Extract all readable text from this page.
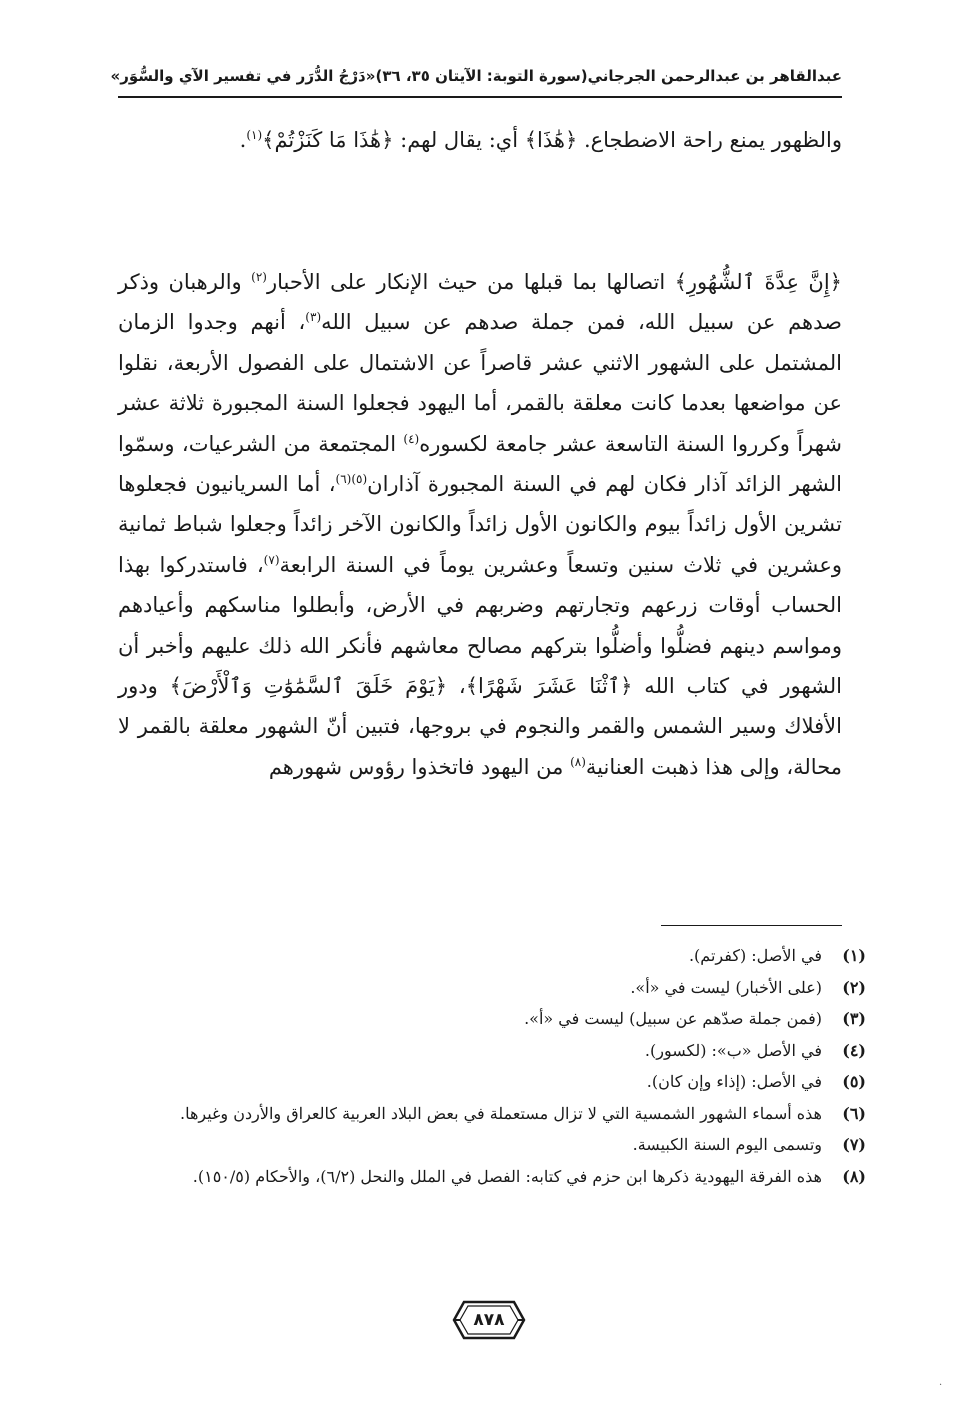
عبدالقاهر بن عبدالرحمن الجرجاني
(سورة التوبة: الآيتان ٣٥، ٣٦)
«دَرْجُ الدُّرَر في تفسير الآي والسُّوَر»

والظهور يمنع راحة الاضطجاع. ﴿هَٰذَا﴾ أي: يقال لهم: ﴿هَٰذَا مَا كَنَزْتُمْ﴾$^{(١)}$.

﴿إِنَّ عِدَّةَ ٱلشُّهُورِ﴾ اتصالها بما قبلها من حيث الإنكار على الأحبار$^{(٢)}$ والرهبان وذكر صدهم عن سبيل الله، فمن جملة صدهم عن سبيل الله$^{(٣)}$، أنهم وجدوا الزمان المشتمل على الشهور الاثني عشر قاصراً عن الاشتمال على الفصول الأربعة، نقلوا عن مواضعها بعدما كانت معلقة بالقمر، أما اليهود فجعلوا السنة المجبورة ثلاثة عشر شهراً وكرروا السنة التاسعة عشر جامعة لكسوره$^{(٤)}$ المجتمعة من الشرعيات، وسمّوا الشهر الزائد آذار فكان لهم في السنة المجبورة آذاران$^{(٥)(٦)}$، أما السريانيون فجعلوها تشرين الأول زائداً بيوم والكانون الأول زائداً والكانون الآخر زائداً وجعلوا شباط ثمانية وعشرين في ثلاث سنين وتسعاً وعشرين يوماً في السنة الرابعة$^{(٧)}$، فاستدركوا بهذا الحساب أوقات زرعهم وتجارتهم وضربهم في الأرض، وأبطلوا مناسكهم وأعيادهم ومواسم دينهم فضلُّوا وأضلُّوا بتركهم مصالح معاشهم فأنكر الله ذلك عليهم وأخبر أن الشهور في كتاب الله ﴿ٱثْنَا عَشَرَ شَهْرًا﴾، ﴿يَوْمَ خَلَقَ ٱلسَّمَٰوَٰتِ وَٱلْأَرْضَ﴾ ودور الأفلاك وسير الشمس والقمر والنجوم في بروجها، فتبين أنّ الشهور معلقة بالقمر لا محالة، وإلى هذا ذهبت العنانية$^{(٨)}$ من اليهود فاتخذوا رؤوس شهورهم

(١)
في الأصل: (كفرتم).
(٢)
(على الأخبار) ليست في «أ».
(٣)
(فمن جملة صدّهم عن سبيل) ليست في «أ».
(٤)
في الأصل «ب»: (لكسور).
(٥)
في الأصل: (إذاء وإن كان).
(٦)
هذه أسماء الشهور الشمسية التي لا تزال مستعملة في بعض البلاد العربية كالعراق والأردن وغيرها.
(٧)
وتسمى اليوم السنة الكبيسة.
(٨)
هذه الفرقة اليهودية ذكرها ابن حزم في كتابه: الفصل في الملل والنحل (٦/٢)، والأحكام (١٥٠/٥).
٨٧٨
·
